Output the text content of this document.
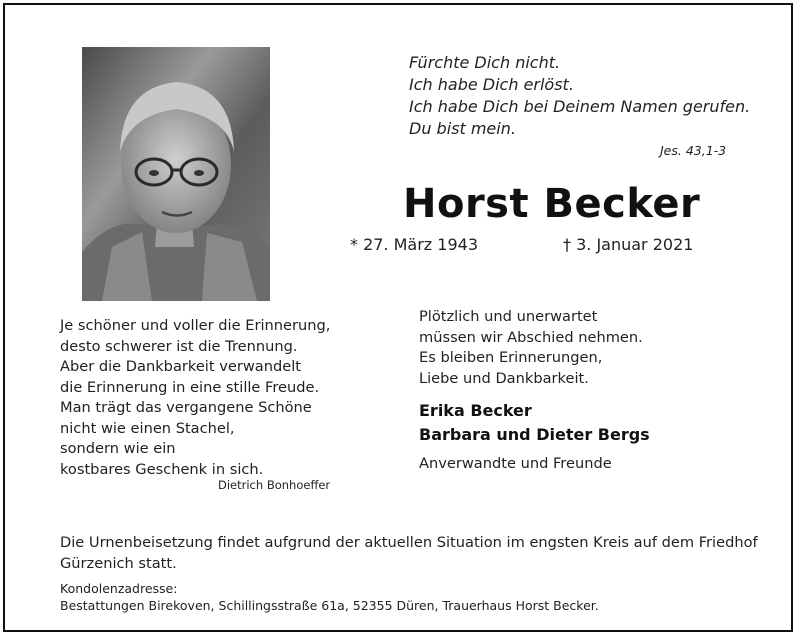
Fürchte Dich nicht.
Ich habe Dich erlöst.
Ich habe Dich bei Deinem Namen gerufen.
Du bist mein.
Jes. 43,1-3
Horst Becker
* 27. März 1943	† 3. Januar 2021
Je schöner und voller die Erinnerung,
desto schwerer ist die Trennung.
Aber die Dankbarkeit verwandelt
die Erinnerung in eine stille Freude.
Man trägt das vergangene Schöne
nicht wie einen Stachel,
sondern wie ein
kostbares Geschenk in sich.
Dietrich Bonhoeffer
Plötzlich und unerwartet
müssen wir Abschied nehmen.
Es bleiben Erinnerungen,
Liebe und Dankbarkeit.
Erika Becker
Barbara und Dieter Bergs
Anverwandte und Freunde
Die Urnenbeisetzung findet aufgrund der aktuellen Situation im engsten Kreis auf dem Friedhof
Gürzenich statt.
Kondolenzadresse:
Bestattungen Birekoven, Schillingsstraße 61a, 52355 Düren, Trauerhaus Horst Becker.
